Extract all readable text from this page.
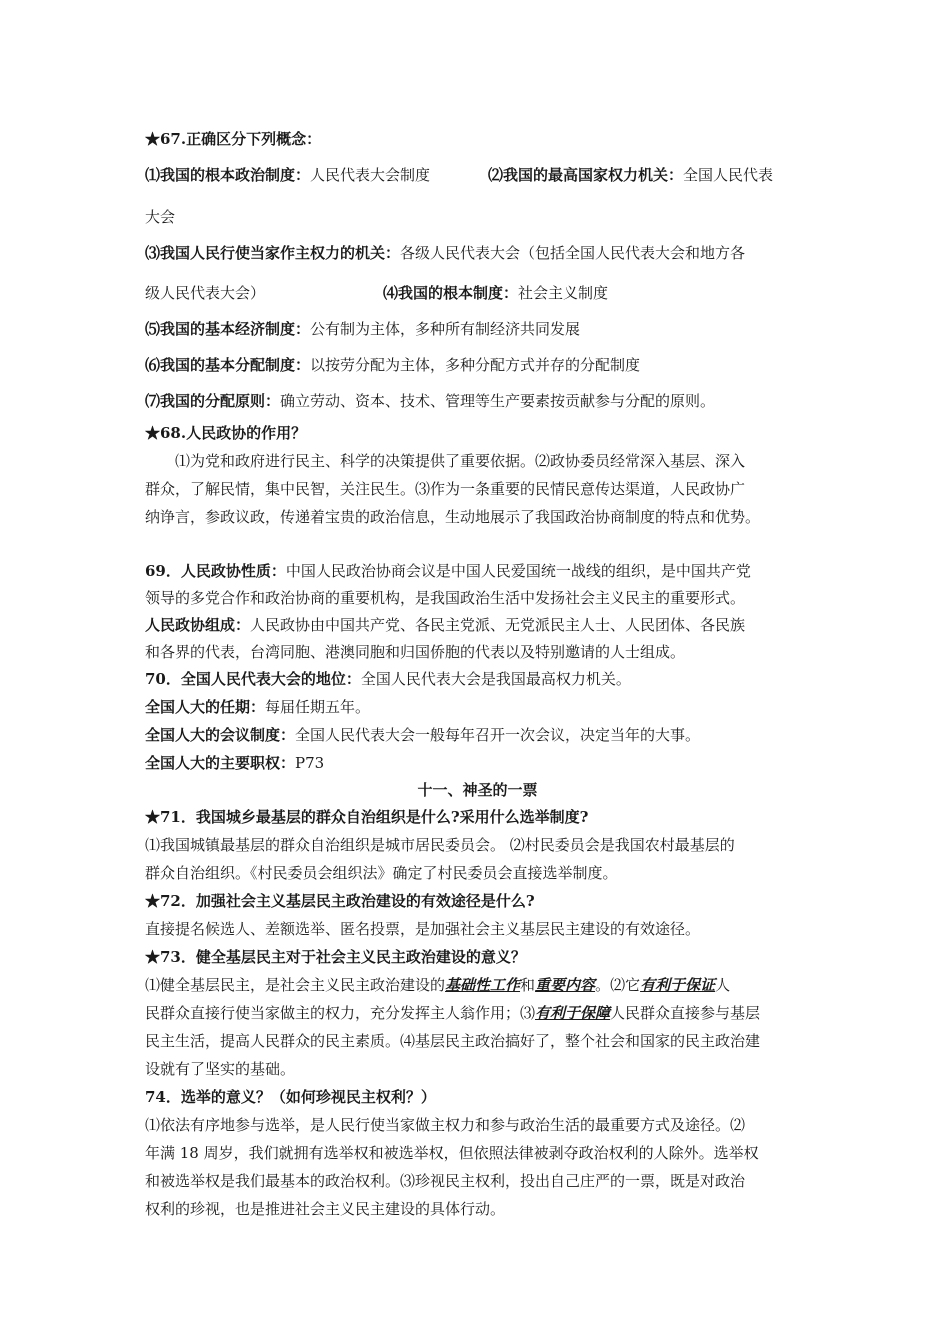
★67.正确区分下列概念：
⑴我国的根本政治制度：人民代表大会制度	⑵我国的最高国家权力机关：全国人民代表
大会
⑶我国人民行使当家作主权力的机关：各级人民代表大会（包括全国人民代表大会和地方各
级人民代表大会）	⑷我国的根本制度：社会主义制度
⑸我国的基本经济制度：公有制为主体，多种所有制经济共同发展
⑹我国的基本分配制度：以按劳分配为主体，多种分配方式并存的分配制度
⑺我国的分配原则：确立劳动、资本、技术、管理等生产要素按贡献参与分配的原则。
★68.人民政协的作用？
⑴为党和政府进行民主、科学的决策提供了重要依据。⑵政协委员经常深入基层、深入
群众，了解民情，集中民智，关注民生。⑶作为一条重要的民情民意传达渠道，人民政协广
纳诤言，参政议政，传递着宝贵的政治信息，生动地展示了我国政治协商制度的特点和优势。
69．人民政协性质：中国人民政治协商会议是中国人民爱国统一战线的组织，是中国共产党
领导的多党合作和政治协商的重要机构，是我国政治生活中发扬社会主义民主的重要形式。
人民政协组成：人民政协由中国共产党、各民主党派、无党派民主人士、人民团体、各民族
和各界的代表，台湾同胞、港澳同胞和归国侨胞的代表以及特别邀请的人士组成。
70．全国人民代表大会的地位：全国人民代表大会是我国最高权力机关。
全国人大的任期：每届任期五年。
全国人大的会议制度：全国人民代表大会一般每年召开一次会议，决定当年的大事。
全国人大的主要职权：P73
十一、神圣的一票
★71．我国城乡最基层的群众自治组织是什么?采用什么选举制度?
⑴我国城镇最基层的群众自治组织是城市居民委员会。 ⑵村民委员会是我国农村最基层的
群众自治组织。《村民委员会组织法》确定了村民委员会直接选举制度。
★72．加强社会主义基层民主政治建设的有效途径是什么?
直接提名候选人、差额选举、匿名投票，是加强社会主义基层民主建设的有效途径。
★73．健全基层民主对于社会主义民主政治建设的意义？
⑴健全基层民主，是社会主义民主政治建设的基础性工作和重要内容。⑵它有利于保证人
民群众直接行使当家做主的权力，充分发挥主人翁作用；⑶有利于保障人民群众直接参与基层
民主生活，提高人民群众的民主素质。⑷基层民主政治搞好了，整个社会和国家的民主政治建
设就有了坚实的基础。
74．选举的意义？（如何珍视民主权利？）
⑴依法有序地参与选举，是人民行使当家做主权力和参与政治生活的最重要方式及途径。⑵
年满 18 周岁，我们就拥有选举权和被选举权，但依照法律被剥夺政治权利的人除外。选举权
和被选举权是我们最基本的政治权利。⑶珍视民主权利，投出自己庄严的一票，既是对政治
权利的珍视，也是推进社会主义民主建设的具体行动。
